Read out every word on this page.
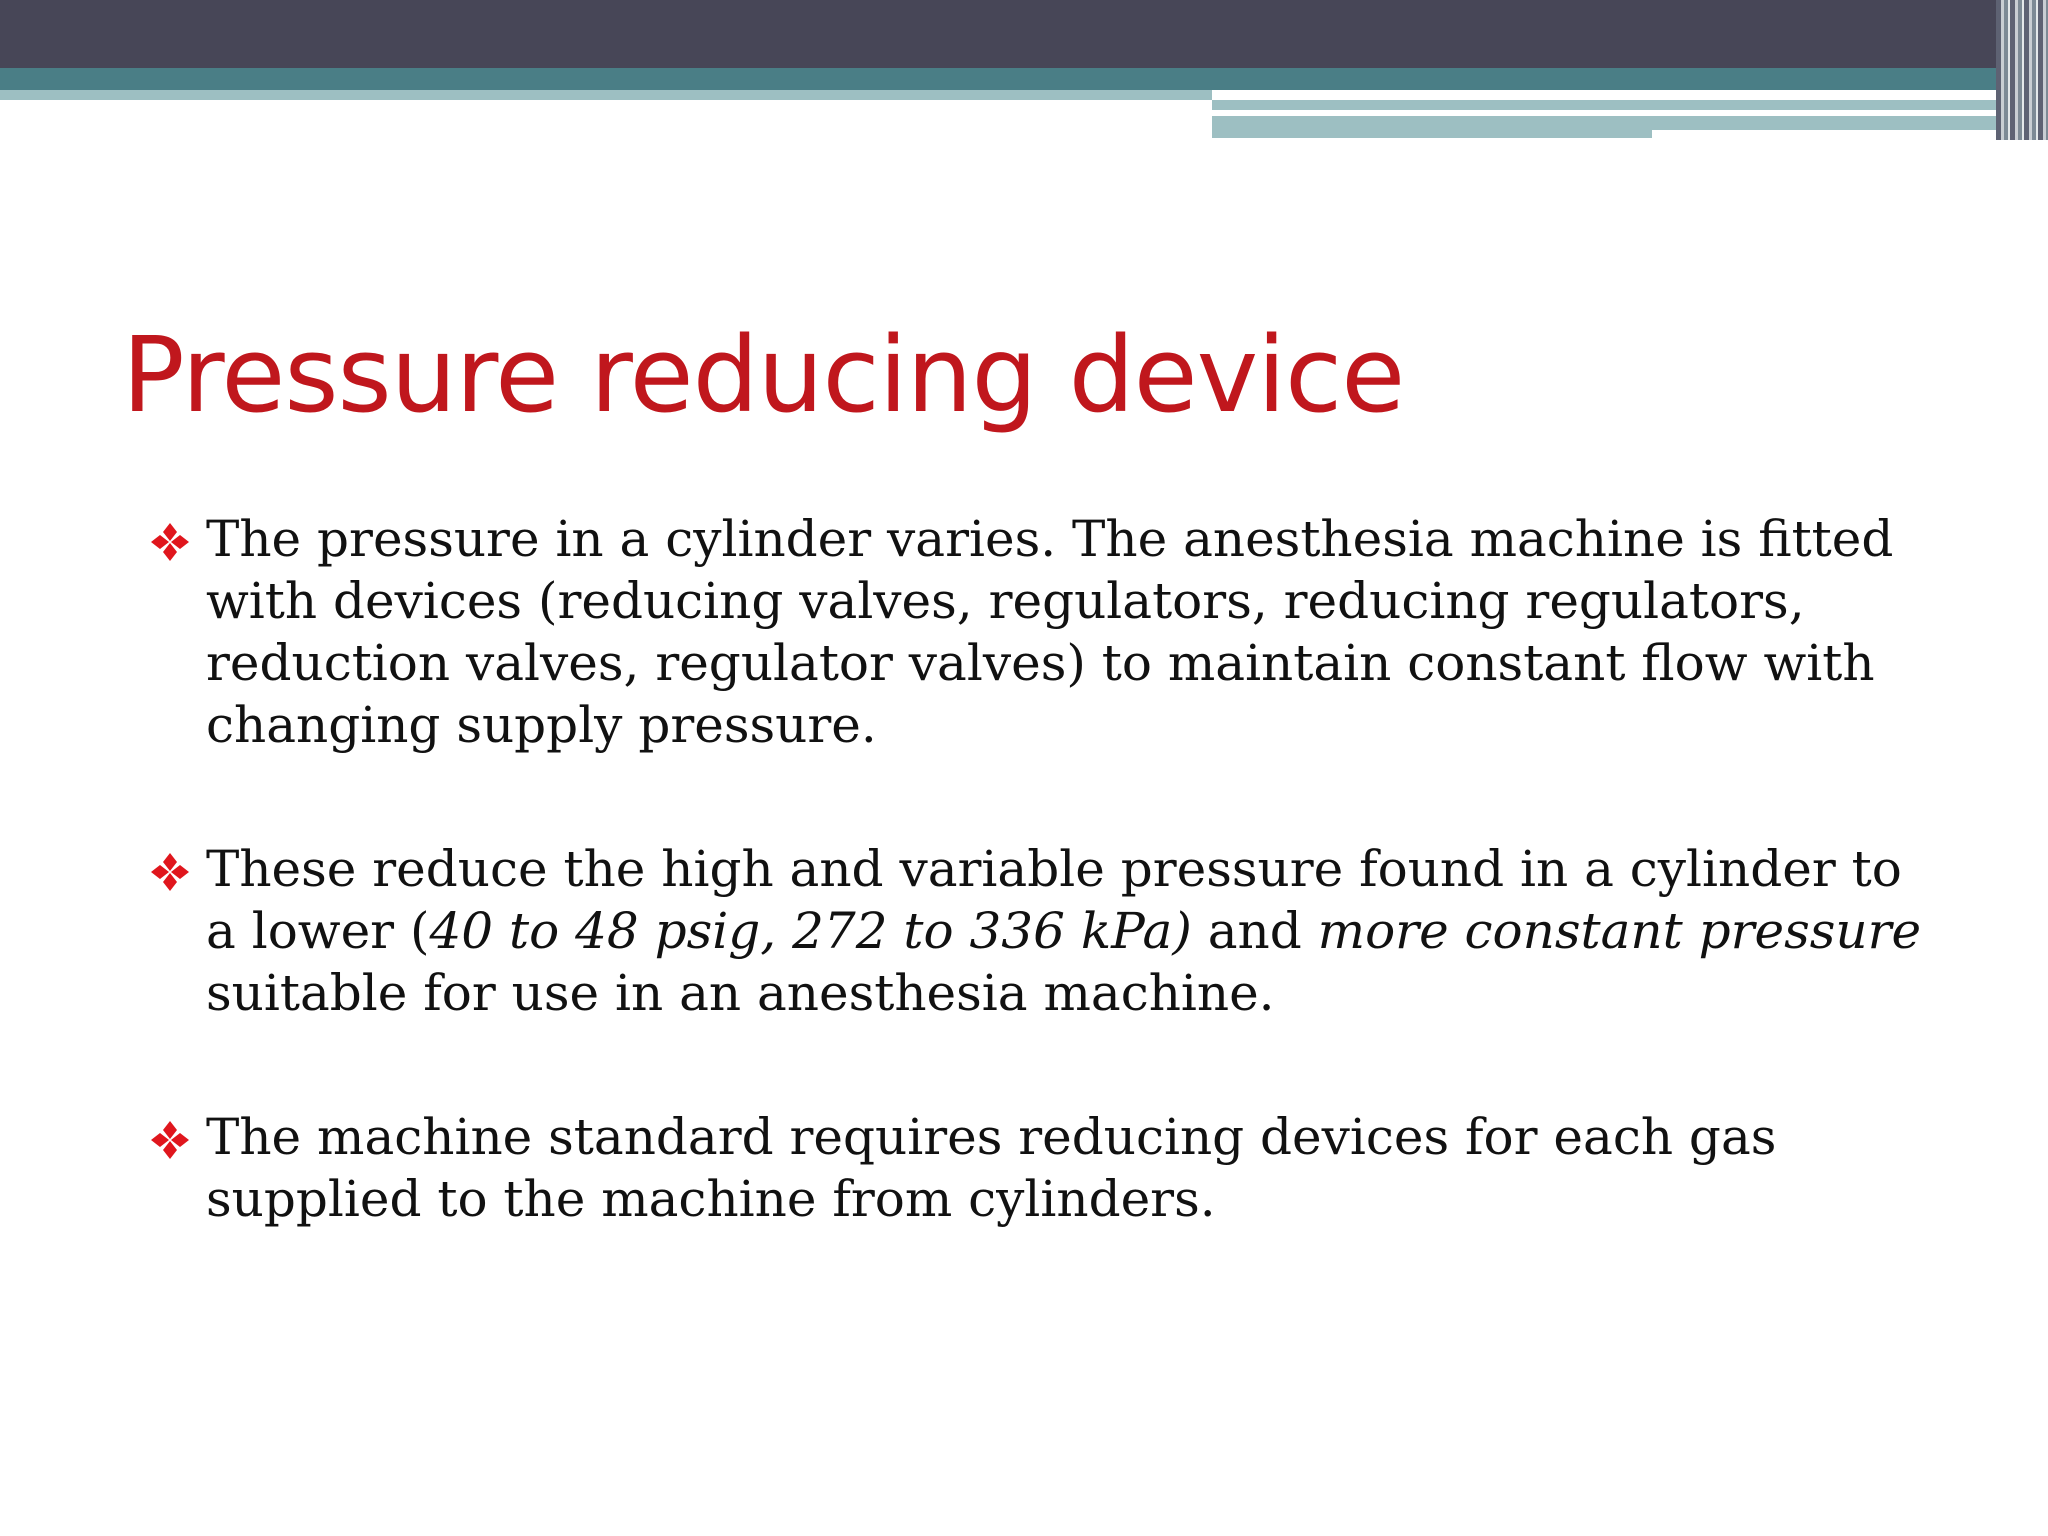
Pressure reducing device
The pressure in a cylinder varies. The anesthesia machine is fitted with devices (reducing valves, regulators, reducing regulators, reduction valves, regulator valves) to maintain constant flow with changing supply pressure.
These reduce the high and variable pressure found in a cylinder to a lower (40 to 48 psig, 272 to 336 kPa) and more constant pressure suitable for use in an anesthesia machine.
The machine standard requires reducing devices for each gas supplied to the machine from cylinders.
